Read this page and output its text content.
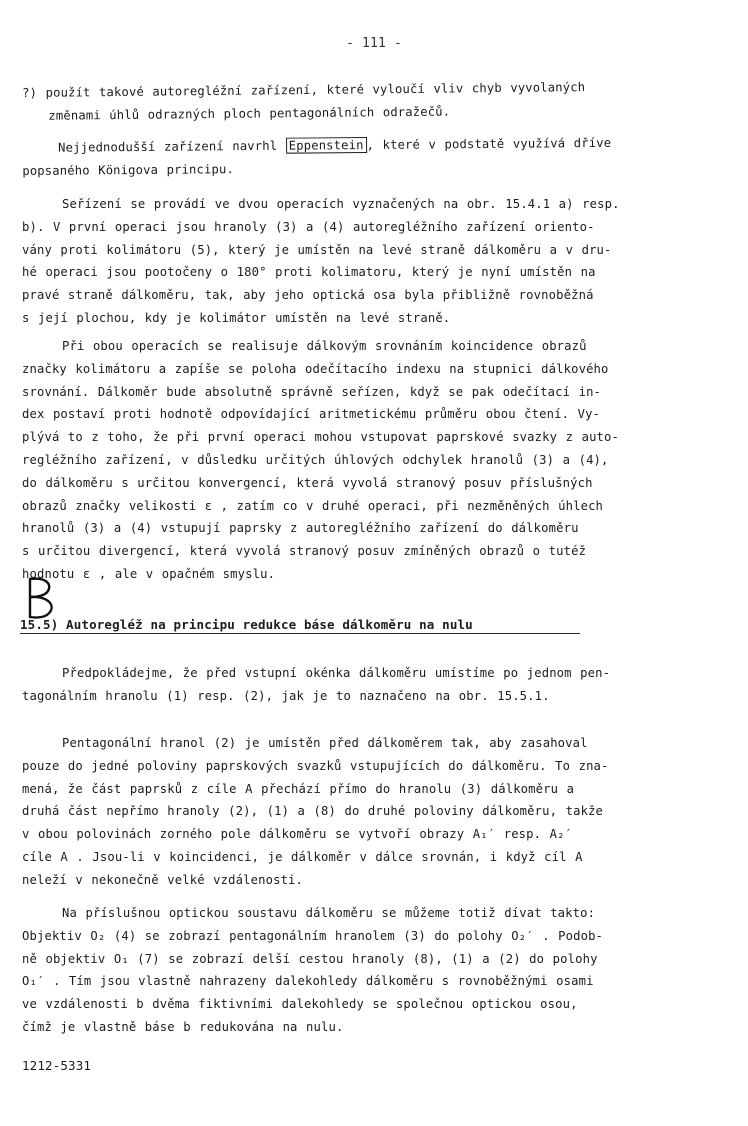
- 111 -
?) použít takové autoregléžní zařízení, které vyloučí vliv chyb vyvolaných
změnami úhlů odrazných ploch pentagonálních odražečů.
Nejjednodušší zařízení navrhl Eppenstein , které v podstatě využívá dříve
popsaného Königova principu.
Seřízení se provádí ve dvou operacích vyznačených na obr. 15.4.1 a) resp.
b). V první operaci jsou hranoly (3) a (4) autoregléžního zařízení oriento-
vány proti kolimátoru (5), který je umístěn na levé straně dálkoměru a v dru-
hé operaci jsou pootočeny o 180° proti kolimatoru, který je nyní umístěn na
pravé straně dálkoměru, tak, aby jeho optická osa byla přibližně rovnoběžná
s její plochou, kdy je kolimátor umístěn na levé straně.
Při obou operacích se realisuje dálkovým srovnáním koincidence obrazů
značky kolimátoru a zapíše se poloha odečítacího indexu na stupnici dálkového
srovnání. Dálkoměr bude absolutně správně seřízen, když se pak odečítací in-
dex postaví proti hodnotě odpovídající aritmetickému průměru obou čtení. Vy-
plývá to z toho, že při první operaci mohou vstupovat paprskové svazky z auto-
regléžního zařízení, v důsledku určitých úhlových odchylek hranolů (3) a (4),
do dálkoměru s určitou konvergencí, která vyvolá stranový posuv příslušných
obrazů značky velikosti ε , zatím co v druhé operaci, při nezměněných úhlech
hranolů (3) a (4) vstupují paprsky z autoregléžního zařízení do dálkoměru
s určitou divergencí, která vyvolá stranový posuv zmíněných obrazů o tutéž
hodnotu ε , ale v opačném smyslu.
15.5) Autoregléž na principu redukce báse dálkoměru na nulu
Předpokládejme, že před vstupní okénka dálkoměru umístíme po jednom pen-
tagonálním hranolu (1) resp. (2), jak je to naznačeno na obr. 15.5.1.
Pentagonální hranol (2) je umístěn před dálkoměrem tak, aby zasahoval
pouze do jedné poloviny paprskových svazků vstupujících do dálkoměru. To zna-
mená, že část paprsků z cíle A přechází přímo do hranolu (3) dálkoměru a
druhá část nepřímo hranoly (2), (1) a (8) do druhé poloviny dálkoměru, takže
v obou polovinách zorného pole dálkoměru se vytvoří obrazy A₁′ resp. A₂′
cíle A . Jsou-li v koincidenci, je dálkoměr v dálce srovnán, i když cíl A
neleží v nekonečně velké vzdálenosti.
Na příslušnou optickou soustavu dálkoměru se můžeme totiž dívat takto:
Objektiv O₂ (4) se zobrazí pentagonálním hranolem (3) do polohy O₂′ . Podob-
ně objektiv O₁ (7) se zobrazí delší cestou hranoly (8), (1) a (2) do polohy
O₁′ . Tím jsou vlastně nahrazeny dalekohledy dálkoměru s rovnoběžnými osami
ve vzdálenosti b dvěma fiktivními dalekohledy se společnou optickou osou,
čímž je vlastně báse b redukována na nulu.
1212-5331
